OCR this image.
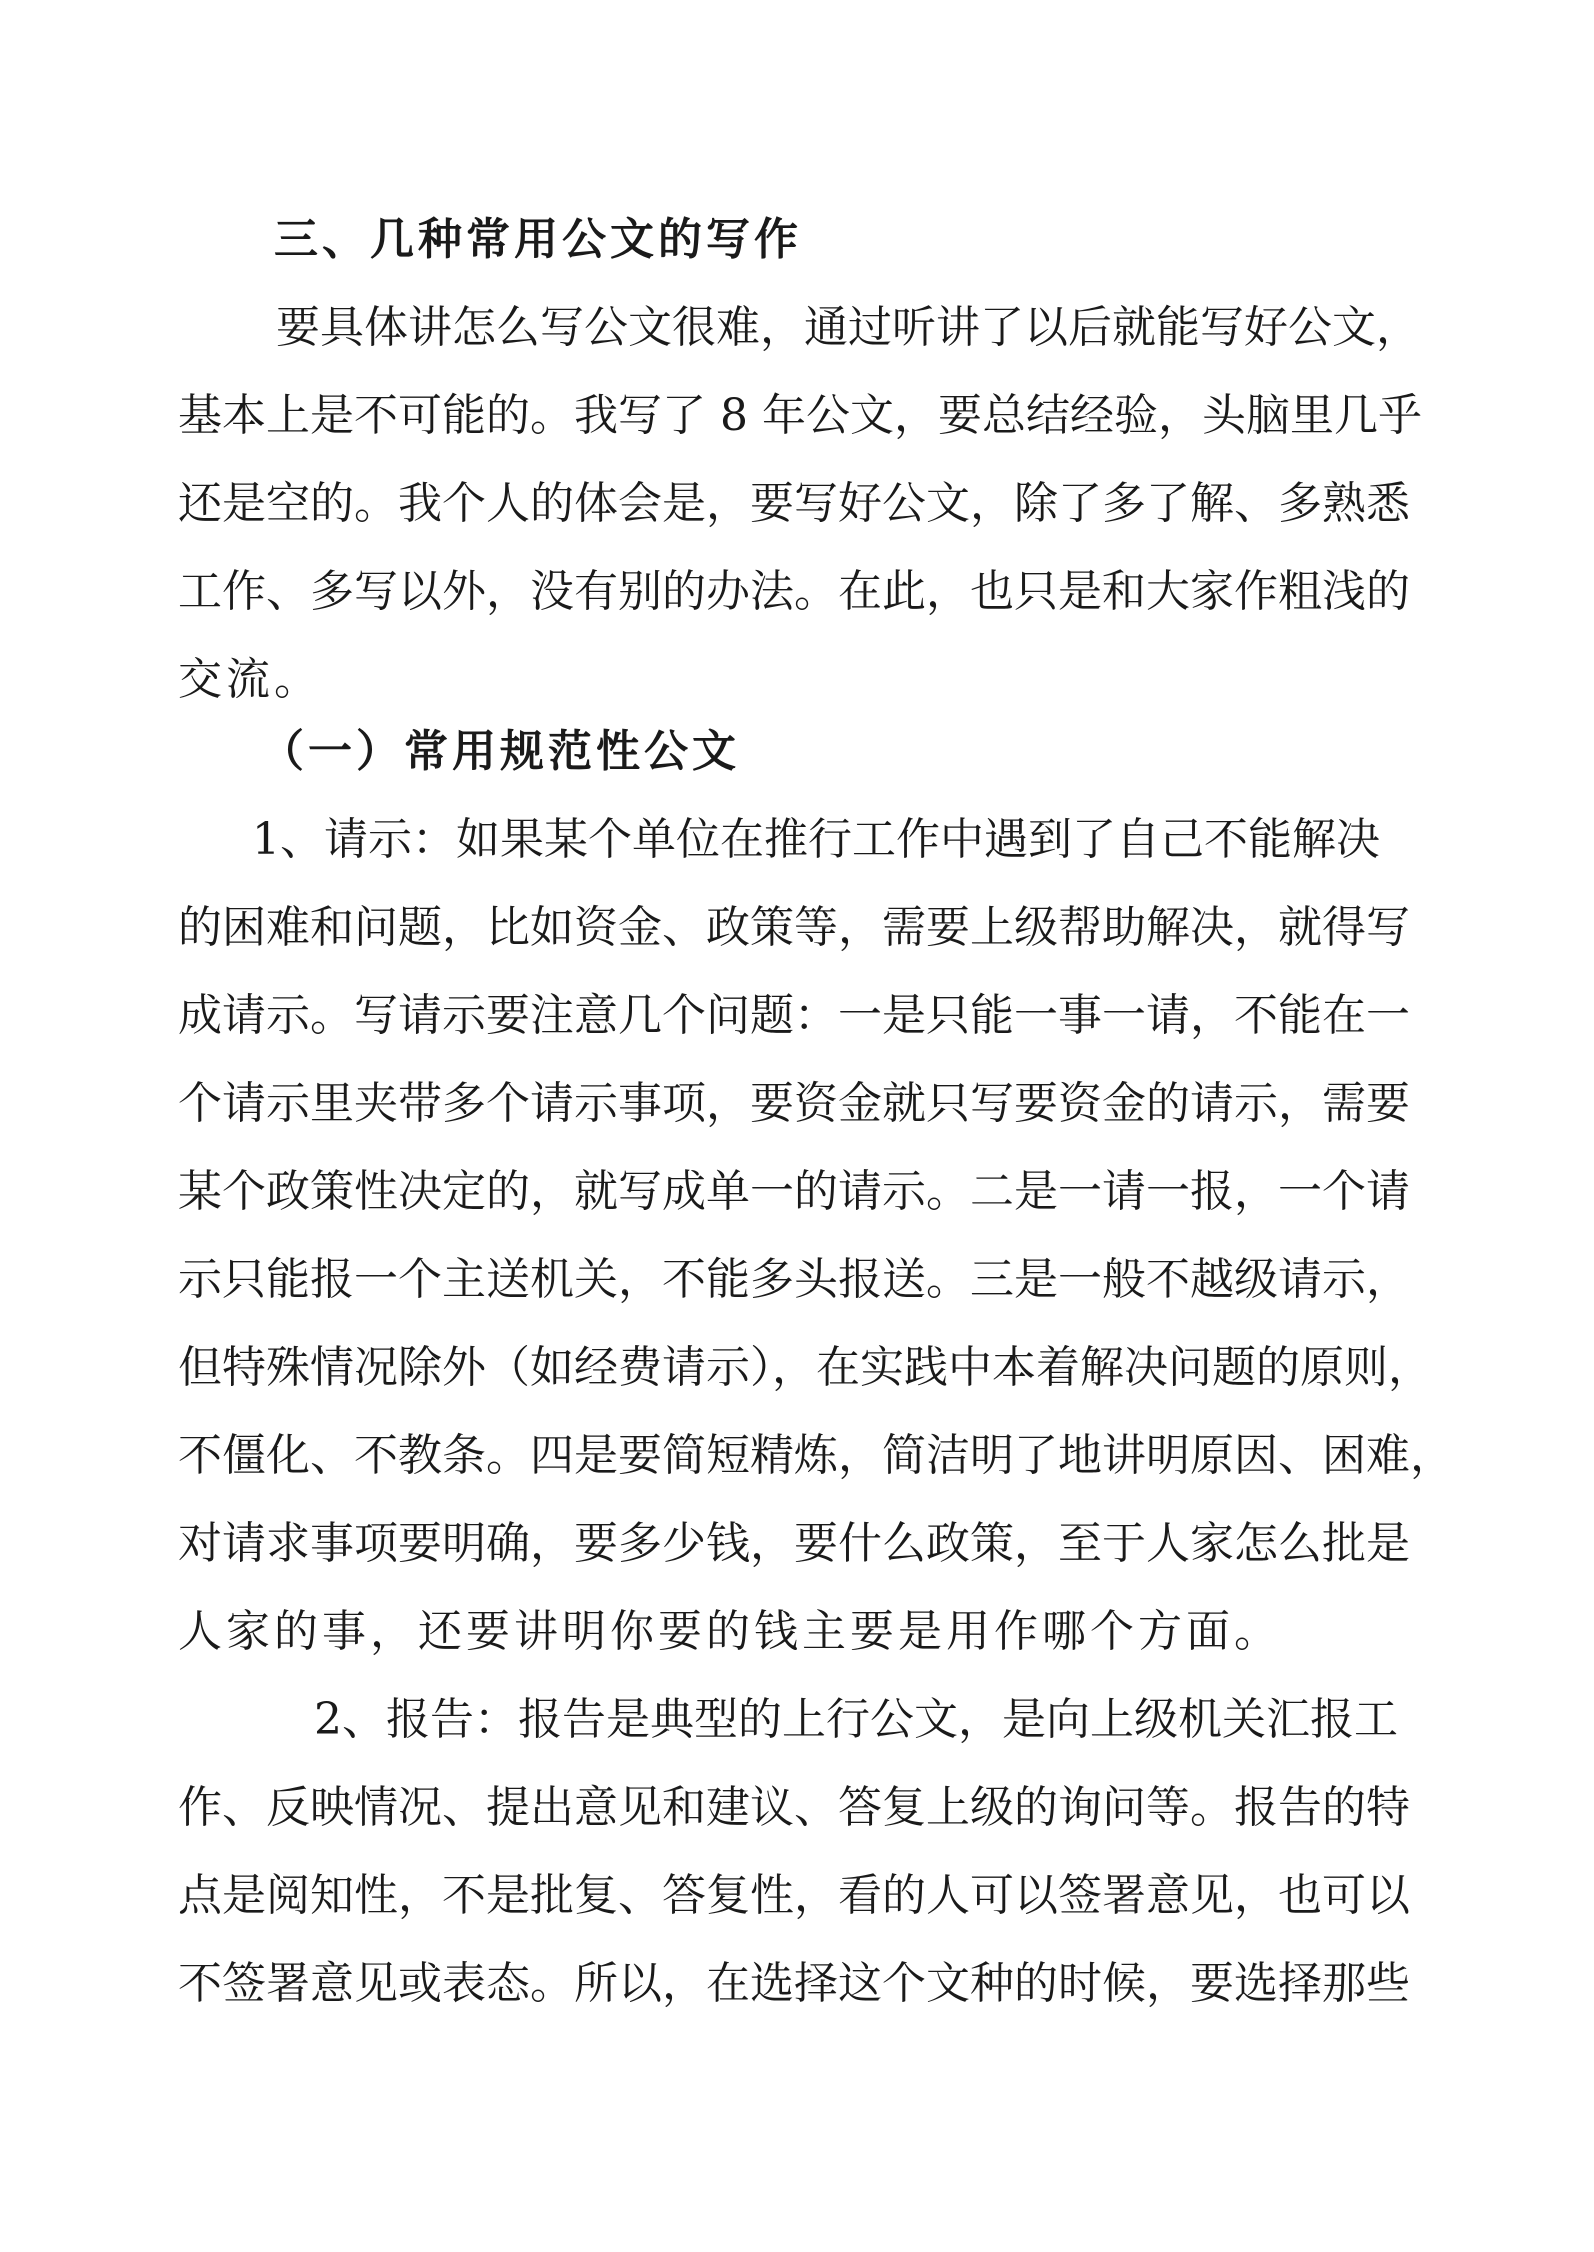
三、几种常用公文的写作
要具体讲怎么写公文很难，通过听讲了以后就能写好公文，
基本上是不可能的。我写了 8 年公文，要总结经验，头脑里几乎
还是空的。我个人的体会是，要写好公文，除了多了解、多熟悉
工作、多写以外，没有别的办法。在此，也只是和大家作粗浅的
交流。
（一）常用规范性公文
1、请示：如果某个单位在推行工作中遇到了自己不能解决
的困难和问题，比如资金、政策等，需要上级帮助解决，就得写
成请示。写请示要注意几个问题：一是只能一事一请，不能在一
个请示里夹带多个请示事项，要资金就只写要资金的请示，需要
某个政策性决定的，就写成单一的请示。二是一请一报，一个请
示只能报一个主送机关，不能多头报送。三是一般不越级请示，
但特殊情况除外（如经费请示），在实践中本着解决问题的原则，
不僵化、不教条。四是要简短精炼，简洁明了地讲明原因、困难，
对请求事项要明确，要多少钱，要什么政策，至于人家怎么批是
人家的事，还要讲明你要的钱主要是用作哪个方面。
2、报告：报告是典型的上行公文，是向上级机关汇报工
作、反映情况、提出意见和建议、答复上级的询问等。报告的特
点是阅知性，不是批复、答复性，看的人可以签署意见，也可以
不签署意见或表态。所以，在选择这个文种的时候，要选择那些
